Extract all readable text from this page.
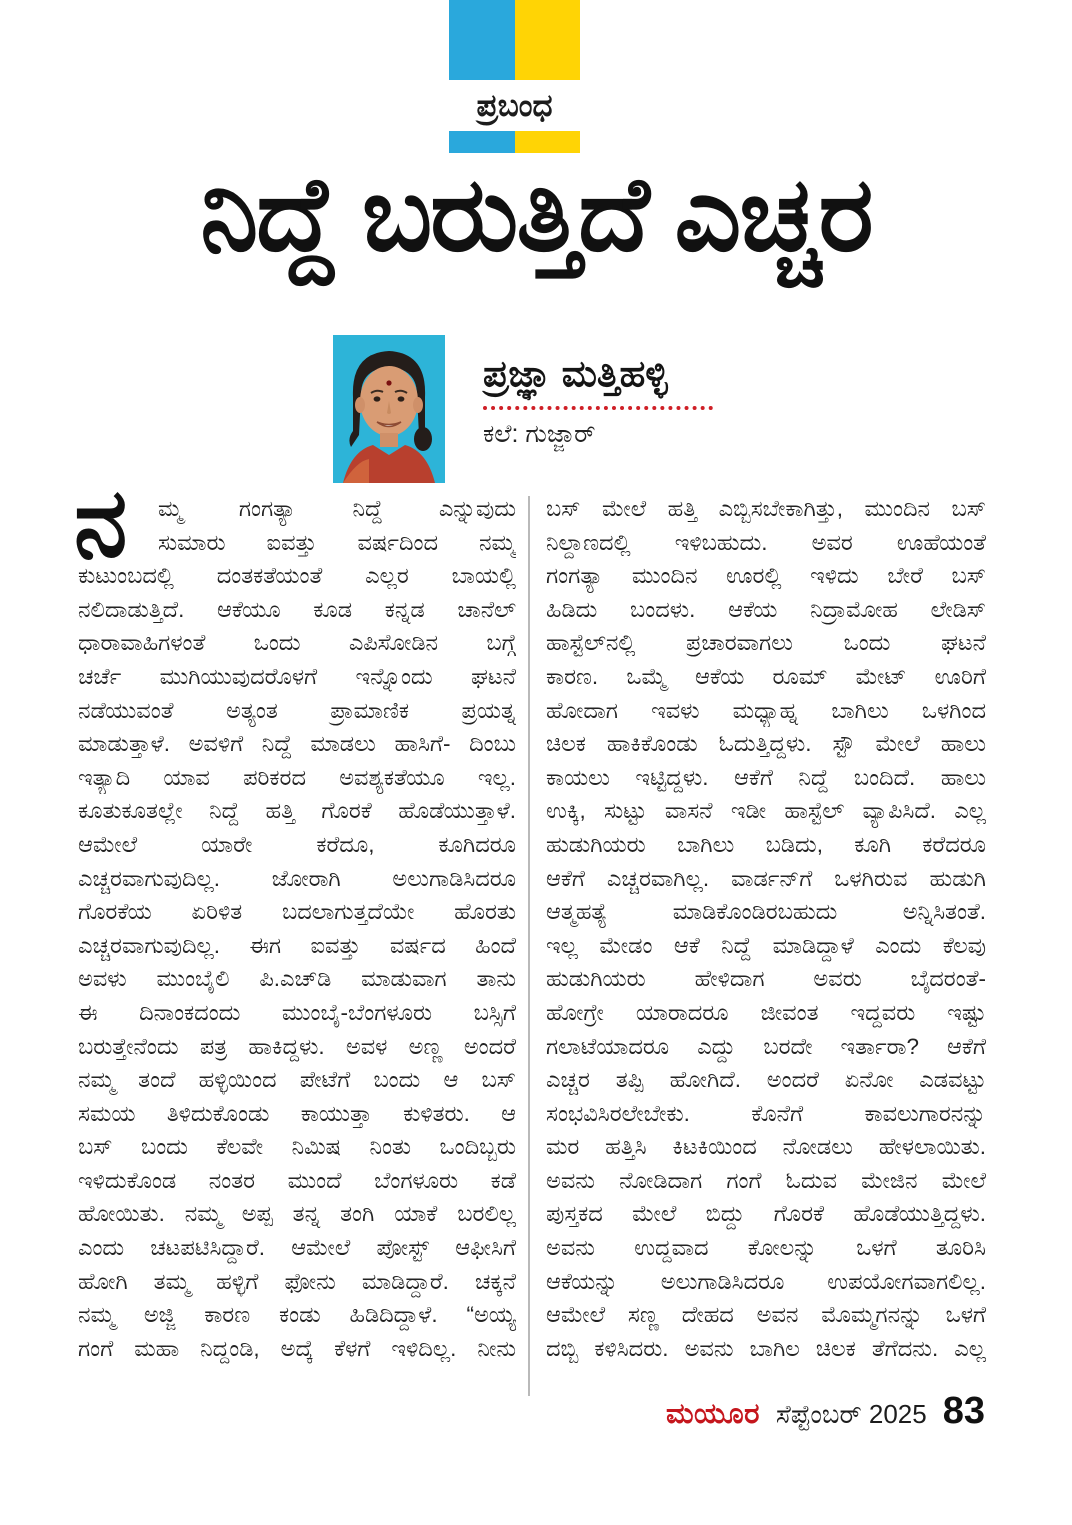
ಪ್ರಬಂಧ
ನಿದ್ದೆ ಬರುತ್ತಿದೆ ಎಚ್ಚರ
ಪ್ರಜ್ಞಾ ಮತ್ತಿಹಳ್ಳಿ
ಕಲೆ: ಗುಜ್ಜಾರ್
ನ ಮ್ಮ ಗಂಗತ್ಯಾ ನಿದ್ದೆ ಎನ್ನುವುದು
ಸುಮಾರು ಐವತ್ತು ವರ್ಷದಿಂದ ನಮ್ಮ
ಕುಟುಂಬದಲ್ಲಿ ದಂತಕತೆಯಂತೆ ಎಲ್ಲರ ಬಾಯಲ್ಲಿ
ನಲಿದಾಡುತ್ತಿದೆ. ಆಕೆಯೂ ಕೂಡ ಕನ್ನಡ ಚಾನೆಲ್
ಧಾರಾವಾಹಿಗಳಂತೆ ಒಂದು ಎಪಿಸೋಡಿನ ಬಗ್ಗೆ
ಚರ್ಚೆ ಮುಗಿಯುವುದರೊಳಗೆ ಇನ್ನೊಂದು ಘಟನೆ
ನಡೆಯುವಂತೆ ಅತ್ಯಂತ ಪ್ರಾಮಾಣಿಕ ಪ್ರಯತ್ನ
ಮಾಡುತ್ತಾಳೆ. ಅವಳಿಗೆ ನಿದ್ದೆ ಮಾಡಲು ಹಾಸಿಗೆ- ದಿಂಬು
ಇತ್ಯಾದಿ ಯಾವ ಪರಿಕರದ ಅವಶ್ಯಕತೆಯೂ ಇಲ್ಲ.
ಕೂತುಕೂತಲ್ಲೇ ನಿದ್ದೆ ಹತ್ತಿ ಗೊರಕೆ ಹೊಡೆಯುತ್ತಾಳೆ.
ಆಮೇಲೆ ಯಾರೇ ಕರೆದೂ, ಕೂಗಿದರೂ
ಎಚ್ಚರವಾಗುವುದಿಲ್ಲ. ಜೋರಾಗಿ ಅಲುಗಾಡಿಸಿದರೂ
ಗೊರಕೆಯ ಏರಿಳಿತ ಬದಲಾಗುತ್ತದೆಯೇ ಹೊರತು
ಎಚ್ಚರವಾಗುವುದಿಲ್ಲ. ಈಗ ಐವತ್ತು ವರ್ಷದ ಹಿಂದೆ
ಅವಳು ಮುಂಬೈಲಿ ಪಿ.ಎಚ್‌ಡಿ ಮಾಡುವಾಗ ತಾನು
ಈ ದಿನಾಂಕದಂದು ಮುಂಬೈ-ಬೆಂಗಳೂರು ಬಸ್ಸಿಗೆ
ಬರುತ್ತೇನೆಂದು ಪತ್ರ ಹಾಕಿದ್ದಳು. ಅವಳ ಅಣ್ಣ ಅಂದರೆ
ನಮ್ಮ ತಂದೆ ಹಳ್ಳಿಯಿಂದ ಪೇಟೆಗೆ ಬಂದು ಆ ಬಸ್
ಸಮಯ ತಿಳಿದುಕೊಂಡು ಕಾಯುತ್ತಾ ಕುಳಿತರು. ಆ
ಬಸ್ ಬಂದು ಕೆಲವೇ ನಿಮಿಷ ನಿಂತು ಒಂದಿಬ್ಬರು
ಇಳಿದುಕೊಂಡ ನಂತರ ಮುಂದೆ ಬೆಂಗಳೂರು ಕಡೆ
ಹೋಯಿತು. ನಮ್ಮ ಅಪ್ಪ ತನ್ನ ತಂಗಿ ಯಾಕೆ ಬರಲಿಲ್ಲ
ಎಂದು ಚಟಪಟಿಸಿದ್ದಾರೆ. ಆಮೇಲೆ ಪೋಸ್ಟ್ ಆಫೀಸಿಗೆ
ಹೋಗಿ ತಮ್ಮ ಹಳ್ಳಿಗೆ ಫೋನು ಮಾಡಿದ್ದಾರೆ. ಚಕ್ಕನೆ
ನಮ್ಮ ಅಜ್ಜಿ ಕಾರಣ ಕಂಡು ಹಿಡಿದಿದ್ದಾಳೆ. “ಅಯ್ಯ
ಗಂಗೆ ಮಹಾ ನಿದ್ದಂಡಿ, ಅದ್ಕೆ ಕೆಳಗೆ ಇಳಿದಿಲ್ಲ. ನೀನು
ಬಸ್ ಮೇಲೆ ಹತ್ತಿ ಎಬ್ಬಿಸಬೇಕಾಗಿತ್ತು, ಮುಂದಿನ ಬಸ್
ನಿಲ್ದಾಣದಲ್ಲಿ ಇಳಿಬಹುದು. ಅವರ ಊಹೆಯಂತೆ
ಗಂಗತ್ಯಾ ಮುಂದಿನ ಊರಲ್ಲಿ ಇಳಿದು ಬೇರೆ ಬಸ್
ಹಿಡಿದು ಬಂದಳು. ಆಕೆಯ ನಿದ್ರಾಮೋಹ ಲೇಡಿಸ್
ಹಾಸ್ಟೆಲ್‌ನಲ್ಲಿ ಪ್ರಚಾರವಾಗಲು ಒಂದು ಘಟನೆ
ಕಾರಣ. ಒಮ್ಮೆ ಆಕೆಯ ರೂಮ್ ಮೇಟ್ ಊರಿಗೆ
ಹೋದಾಗ ಇವಳು ಮಧ್ಯಾಹ್ನ ಬಾಗಿಲು ಒಳಗಿಂದ
ಚಿಲಕ ಹಾಕಿಕೊಂಡು ಓದುತ್ತಿದ್ದಳು. ಸ್ಟೌ ಮೇಲೆ ಹಾಲು
ಕಾಯಲು ಇಟ್ಟಿದ್ದಳು. ಆಕೆಗೆ ನಿದ್ದೆ ಬಂದಿದೆ. ಹಾಲು
ಉಕ್ಕಿ, ಸುಟ್ಟು ವಾಸನೆ ಇಡೀ ಹಾಸ್ಟೆಲ್ ವ್ಯಾಪಿಸಿದೆ. ಎಲ್ಲ
ಹುಡುಗಿಯರು ಬಾಗಿಲು ಬಡಿದು, ಕೂಗಿ ಕರೆದರೂ
ಆಕೆಗೆ ಎಚ್ಚರವಾಗಿಲ್ಲ. ವಾರ್ಡನ್‌ಗೆ ಒಳಗಿರುವ ಹುಡುಗಿ
ಆತ್ಮಹತ್ಯೆ ಮಾಡಿಕೊಂಡಿರಬಹುದು ಅನ್ನಿಸಿತಂತೆ.
ಇಲ್ಲ ಮೇಡಂ ಆಕೆ ನಿದ್ದೆ ಮಾಡಿದ್ದಾಳೆ ಎಂದು ಕೆಲವು
ಹುಡುಗಿಯರು ಹೇಳಿದಾಗ ಅವರು ಬೈದರಂತೆ-
ಹೋಗ್ರೇ ಯಾರಾದರೂ ಜೀವಂತ ಇದ್ದವರು ಇಷ್ಟು
ಗಲಾಟೆಯಾದರೂ ಎದ್ದು ಬರದೇ ಇರ್ತಾರಾ? ಆಕೆಗೆ
ಎಚ್ಚರ ತಪ್ಪಿ ಹೋಗಿದೆ. ಅಂದರೆ ಏನೋ ಎಡವಟ್ಟು
ಸಂಭವಿಸಿರಲೇಬೇಕು. ಕೊನೆಗೆ ಕಾವಲುಗಾರನನ್ನು
ಮರ ಹತ್ತಿಸಿ ಕಿಟಕಿಯಿಂದ ನೋಡಲು ಹೇಳಲಾಯಿತು.
ಅವನು ನೋಡಿದಾಗ ಗಂಗೆ ಓದುವ ಮೇಜಿನ ಮೇಲೆ
ಪುಸ್ತಕದ ಮೇಲೆ ಬಿದ್ದು ಗೊರಕೆ ಹೊಡೆಯುತ್ತಿದ್ದಳು.
ಅವನು ಉದ್ದವಾದ ಕೋಲನ್ನು ಒಳಗೆ ತೂರಿಸಿ
ಆಕೆಯನ್ನು ಅಲುಗಾಡಿಸಿದರೂ ಉಪಯೋಗವಾಗಲಿಲ್ಲ.
ಆಮೇಲೆ ಸಣ್ಣ ದೇಹದ ಅವನ ಮೊಮ್ಮಗನನ್ನು ಒಳಗೆ
ದಬ್ಬಿ ಕಳಿಸಿದರು. ಅವನು ಬಾಗಿಲ ಚಿಲಕ ತೆಗೆದನು. ಎಲ್ಲ
ಮಯೂರ ಸೆಪ್ಟೆಂಬರ್ 2025 83
